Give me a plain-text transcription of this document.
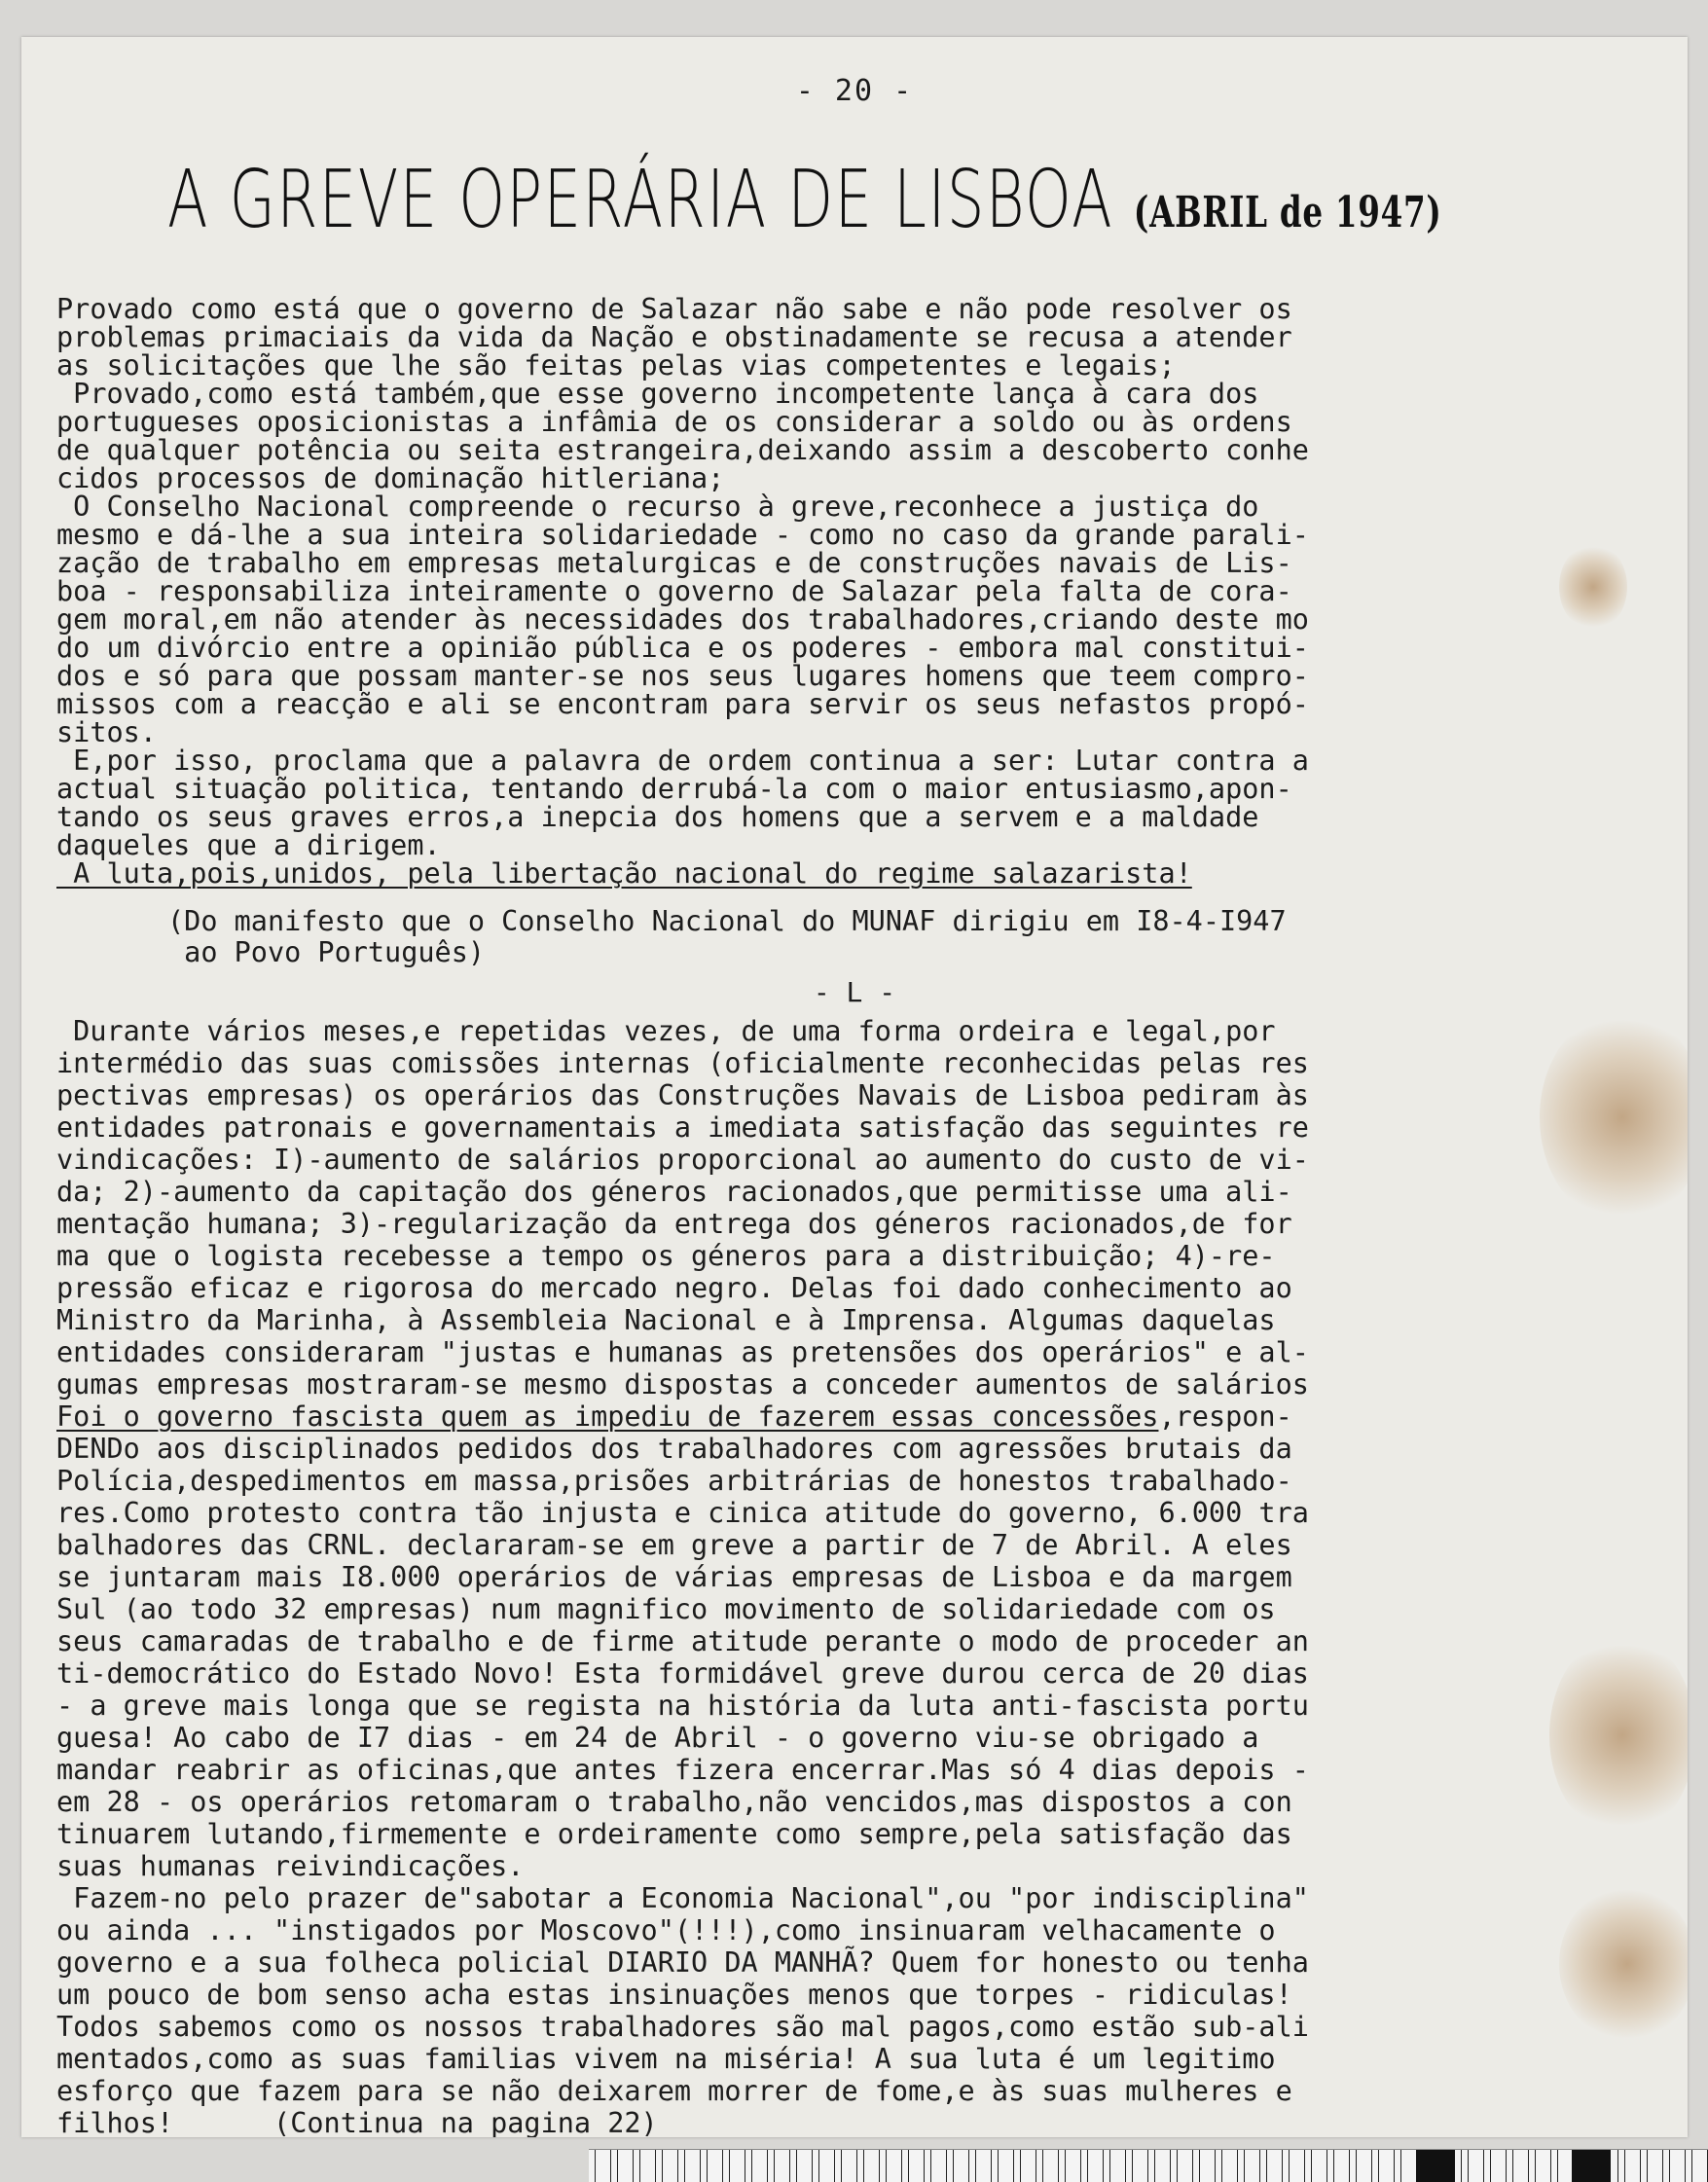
- 20 -
A GREVE OPERÁRIA DE LISBOA (ABRIL de 1947)
Provado como está que o governo de Salazar não sabe e não pode resolver os
problemas primaciais da vida da Nação e obstinadamente se recusa a atender
as solicitações que lhe são feitas pelas vias competentes e legais;
Provado,como está também,que esse governo incompetente lança à cara dos
portugueses oposicionistas a infâmia de os considerar a soldo ou às ordens
de qualquer potência ou seita estrangeira,deixando assim a descoberto conhe
cidos processos de dominação hitleriana;
O Conselho Nacional compreende o recurso à greve,reconhece a justiça do
mesmo e dá-lhe a sua inteira solidariedade - como no caso da grande parali-
zação de trabalho em empresas metalurgicas e de construções navais de Lis-
boa - responsabiliza inteiramente o governo de Salazar pela falta de cora-
gem moral,em não atender às necessidades dos trabalhadores,criando deste mo
do um divórcio entre a opinião pública e os poderes - embora mal constitui-
dos e só para que possam manter-se nos seus lugares homens que teem compro-
missos com a reacção e ali se encontram para servir os seus nefastos propó-
sitos.
E,por isso, proclama que a palavra de ordem continua a ser: Lutar contra a
actual situação politica, tentando derrubá-la com o maior entusiasmo,apon-
tando os seus graves erros,a inepcia dos homens que a servem e a maldade
daqueles que a dirigem.
A luta,pois,unidos, pela libertação nacional do regime salazarista!
(Do manifesto que o Conselho Nacional do MUNAF dirigiu em I8-4-I947
ao Povo Português)
- L -
Durante vários meses,e repetidas vezes, de uma forma ordeira e legal,por
intermédio das suas comissões internas (oficialmente reconhecidas pelas res
pectivas empresas) os operários das Construções Navais de Lisboa pediram às
entidades patronais e governamentais a imediata satisfação das seguintes re
vindicações: I)-aumento de salários proporcional ao aumento do custo de vi-
da; 2)-aumento da capitação dos géneros racionados,que permitisse uma ali-
mentação humana; 3)-regularização da entrega dos géneros racionados,de for
ma que o logista recebesse a tempo os géneros para a distribuição; 4)-re-
pressão eficaz e rigorosa do mercado negro. Delas foi dado conhecimento ao
Ministro da Marinha, à Assembleia Nacional e à Imprensa. Algumas daquelas
entidades consideraram "justas e humanas as pretensões dos operários" e al-
gumas empresas mostraram-se mesmo dispostas a conceder aumentos de salários
Foi o governo fascista quem as impediu de fazerem essas concessões,respon-
DENDo aos disciplinados pedidos dos trabalhadores com agressões brutais da
Polícia,despedimentos em massa,prisões arbitrárias de honestos trabalhado-
res.Como protesto contra tão injusta e cinica atitude do governo, 6.000 tra
balhadores das CRNL. declararam-se em greve a partir de 7 de Abril. A eles
se juntaram mais I8.000 operários de várias empresas de Lisboa e da margem
Sul (ao todo 32 empresas) num magnifico movimento de solidariedade com os
seus camaradas de trabalho e de firme atitude perante o modo de proceder an
ti-democrático do Estado Novo! Esta formidável greve durou cerca de 20 dias
- a greve mais longa que se regista na história da luta anti-fascista portu
guesa! Ao cabo de I7 dias - em 24 de Abril - o governo viu-se obrigado a
mandar reabrir as oficinas,que antes fizera encerrar.Mas só 4 dias depois -
em 28 - os operários retomaram o trabalho,não vencidos,mas dispostos a con
tinuarem lutando,firmemente e ordeiramente como sempre,pela satisfação das
suas humanas reivindicações.
Fazem-no pelo prazer de"sabotar a Economia Nacional",ou "por indisciplina"
ou ainda ... "instigados por Moscovo"(!!!),como insinuaram velhacamente o
governo e a sua folheca policial DIARIO DA MANHÃ? Quem for honesto ou tenha
um pouco de bom senso acha estas insinuações menos que torpes - ridiculas!
Todos sabemos como os nossos trabalhadores são mal pagos,como estão sub-ali
mentados,como as suas familias vivem na miséria! A sua luta é um legitimo
esforço que fazem para se não deixarem morrer de fome,e às suas mulheres e
filhos!      (Continua na pagina 22)
